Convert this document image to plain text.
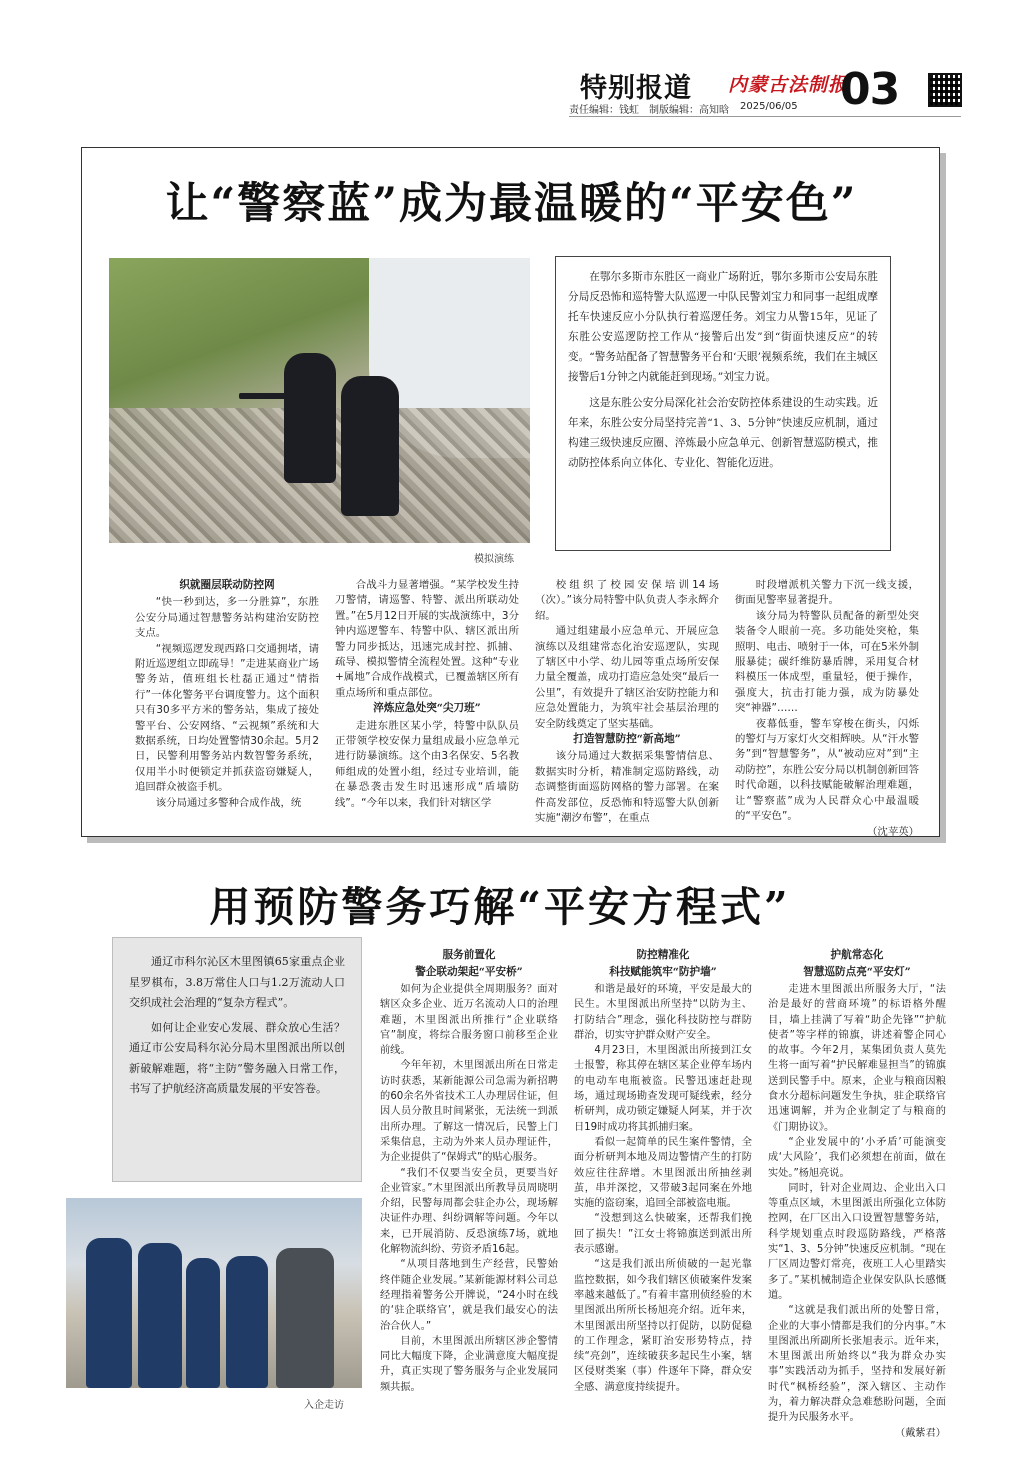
特别报道 内蒙古法制报
责任编辑：钱虹　制版编辑：高知晗 2025/06/05 03
让“警察蓝”成为最温暖的“平安色”
模拟演练

在鄂尔多斯市东胜区一商业广场附近，鄂尔多斯市公安局东胜分局反恐怖和巡特警大队巡逻一中队民警刘宝力和同事一起组成摩托车快速反应小分队执行着巡逻任务。刘宝力从警15年，见证了东胜公安巡逻防控工作从“接警后出发”到“街面快速反应”的转变。“警务站配备了智慧警务平台和‘天眼’视频系统，我们在主城区接警后1分钟之内就能赶到现场。”刘宝力说。

这是东胜公安分局深化社会治安防控体系建设的生动实践。近年来，东胜公安分局坚持完善“1、3、5分钟”快速反应机制，通过构建三级快速反应圈、淬炼最小应急单元、创新智慧巡防模式，推动防控体系向立体化、专业化、智能化迈进。

织就圈层联动防控网

“快一秒到达，多一分胜算”，东胜公安分局通过智慧警务站构建治安防控支点。

“视频巡逻发现西路口交通拥堵，请附近巡逻组立即疏导！”走进某商业广场警务站，值班组长杜磊正通过“情指行”一体化警务平台调度警力。这个面积只有30多平方米的警务站，集成了接处警平台、公安网络、“云视频”系统和大数据系统，日均处置警情30余起。5月2日，民警利用警务站内数智警务系统，仅用半小时便锁定并抓获盗窃嫌疑人，追回群众被盗手机。

该分局通过多警种合成作战，统

合战斗力显著增强。“某学校发生持刀警情，请巡警、特警、派出所联动处置。”在5月12日开展的实战演练中，3分钟内巡逻警车、特警中队、辖区派出所警力同步抵达，迅速完成封控、抓捕、疏导、模拟警情全流程处置。这种“专业+属地”合成作战模式，已覆盖辖区所有重点场所和重点部位。

淬炼应急处突“尖刀班”

走进东胜区某小学，特警中队队员正带领学校安保力量组成最小应急单元进行防暴演练。这个由3名保安、5名教师组成的处置小组，经过专业培训，能在暴恐袭击发生时迅速形成“盾墙防线”。“今年以来，我们针对辖区学

校组织了校园安保培训14场（次）。”该分局特警中队负责人李永辉介绍。

通过组建最小应急单元、开展应急演练以及组建常态化治安巡逻队，实现了辖区中小学、幼儿园等重点场所安保力量全覆盖，成功打造应急处突“最后一公里”，有效提升了辖区治安防控能力和应急处置能力，为筑牢社会基层治理的安全防线奠定了坚实基础。

打造智慧防控“新高地”

该分局通过大数据采集警情信息、数据实时分析，精准制定巡防路线，动态调整街面巡防网格的警力部署。在案件高发部位，反恐怖和特巡警大队创新实施“潮汐布警”，在重点

时段增派机关警力下沉一线支援，街面见警率显著提升。

该分局为特警队员配备的新型处突装备令人眼前一亮。多功能处突枪，集照明、电击、喷射于一体，可在5米外制服暴徒；碳纤维防暴盾牌，采用复合材料模压一体成型，重量轻，便于操作，强度大，抗击打能力强，成为防暴处突“神器”……

夜幕低垂，警车穿梭在街头，闪烁的警灯与万家灯火交相辉映。从“汗水警务”到“智慧警务”，从“被动应对”到“主动防控”，东胜公安分局以机制创新回答时代命题，以科技赋能破解治理难题，让“警察蓝”成为人民群众心中最温暖的“平安色”。

（沈苹英）
用预防警务巧解“平安方程式”

通辽市科尔沁区木里图镇65家重点企业星罗棋布，3.8万常住人口与1.2万流动人口交织成社会治理的“复杂方程式”。

如何让企业安心发展、群众放心生活？通辽市公安局科尔沁分局木里图派出所以创新破解难题，将“主防”警务融入日常工作，书写了护航经济高质量发展的平安答卷。

入企走访
服务前置化
警企联动架起“平安桥”

如何为企业提供全周期服务？面对辖区众多企业、近万名流动人口的治理难题，木里图派出所推行“企业联络官”制度，将综合服务窗口前移至企业前线。

今年年初，木里图派出所在日常走访时获悉，某新能源公司急需为新招聘的60余名外省技术工人办理居住证，但因人员分散且时间紧张，无法统一到派出所办理。了解这一情况后，民警上门采集信息，主动为外来人员办理证件，为企业提供了“保姆式”的贴心服务。

“我们不仅要当安全员，更要当好企业管家。”木里图派出所教导员周晓明介绍，民警每周都会驻企办公，现场解决证件办理、纠纷调解等问题。今年以来，已开展消防、反恐演练7场，就地化解物流纠纷、劳资矛盾16起。

“从项目落地到生产经营，民警始终伴随企业发展。”某新能源材料公司总经理指着警务公开牌说，“24小时在线的‘驻企联络官’，就是我们最安心的法治合伙人。”

目前，木里图派出所辖区涉企警情同比大幅度下降，企业满意度大幅度提升，真正实现了警务服务与企业发展同频共振。

防控精准化
科技赋能筑牢“防护墙”

和谐是最好的环境，平安是最大的民生。木里图派出所坚持“以防为主、打防结合”理念，强化科技防控与群防群治，切实守护群众财产安全。

4月23日，木里图派出所接到江女士报警，称其停在辖区某企业停车场内的电动车电瓶被盗。民警迅速赶赴现场，通过现场勘查发现可疑线索，经分析研判，成功锁定嫌疑人阿某，并于次日19时成功将其抓捕归案。

看似一起简单的民生案件警情，全面分析研判本地及周边警情产生的打防效应往往辞增。木里图派出所抽丝剥茧，串并深挖，又带破3起同案在外地实施的盗窃案，追回全部被盗电瓶。

“没想到这么快破案，还帮我们挽回了损失！”江女士将锦旗送到派出所表示感谢。

“这是我们派出所侦破的一起光靠监控数据，如今我们辖区侦破案件发案率越来越低了。”有着丰富刑侦经验的木里图派出所所长杨旭亮介绍。近年来，木里图派出所坚持以打促防，以防促稳的工作理念，紧盯治安形势特点，持续“亮剑”，连续破获多起民生小案，辖区侵财类案（事）件逐年下降，群众安全感、满意度持续提升。

护航常态化
智慧巡防点亮“平安灯”

走进木里图派出所服务大厅，“法治是最好的营商环境”的标语格外醒目，墙上挂满了写着“助企先锋”“护航使者”等字样的锦旗，讲述着警企同心的故事。今年2月，某集团负责人莫先生将一面写着“护民解难显担当”的锦旗送到民警手中。原来，企业与粮商因粮食水分超标问题发生争执，驻企联络官迅速调解，并为企业制定了与粮商的《门期协议》。

“企业发展中的‘小矛盾’可能演变成‘大风险’，我们必须想在前面，做在实处。”杨旭亮说。

同时，针对企业周边、企业出入口等重点区域，木里图派出所强化立体防控网，在厂区出入口设置智慧警务站，科学规划重点时段巡防路线，严格落实“1、3、5分钟”快速反应机制。“现在厂区周边警灯常亮，夜班工人心里踏实多了。”某机械制造企业保安队队长感慨道。

“这就是我们派出所的处警日常，企业的大事小情都是我们的分内事。”木里图派出所副所长张旭表示。近年来，木里图派出所始终以“我为群众办实事”实践活动为抓手，坚持和发展好新时代“枫桥经验”，深入辖区、主动作为，着力解决群众急难愁盼问题，全面提升为民服务水平。

（戴紫君）
